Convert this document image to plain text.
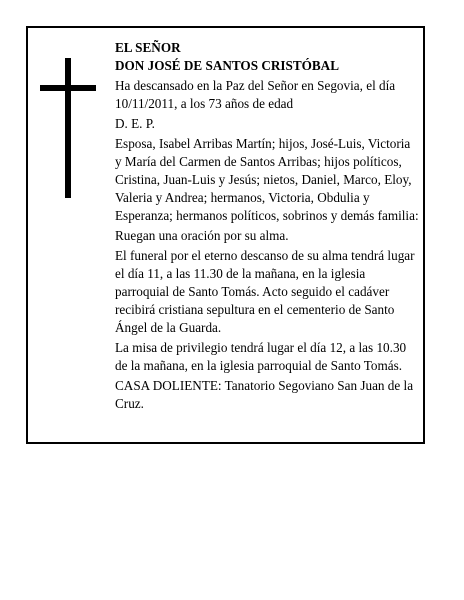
EL SEÑOR

DON JOSÉ DE SANTOS CRISTÓBAL

Ha descansado en la Paz del Señor en Segovia, el día 10/11/2011, a los 73 años de edad

D. E. P.

Esposa, Isabel Arribas Martín; hijos, José-Luis, Victoria y María del Carmen de Santos Arribas; hijos políticos, Cristina, Juan-Luis y Jesús; nietos, Daniel, Marco, Eloy, Valeria y Andrea; hermanos, Victoria, Obdulia y Esperanza; hermanos políticos, sobrinos y demás familia:

Ruegan una oración por su alma.

El funeral por el eterno descanso de su alma tendrá lugar el día 11, a las 11.30 de la mañana, en la iglesia parroquial de Santo Tomás. Acto seguido el cadáver recibirá cristiana sepultura en el cementerio de Santo Ángel de la Guarda.

La misa de privilegio tendrá lugar el día 12, a las 10.30 de la mañana, en la iglesia parroquial de Santo Tomás.

CASA DOLIENTE: Tanatorio Segoviano San Juan de la Cruz.
